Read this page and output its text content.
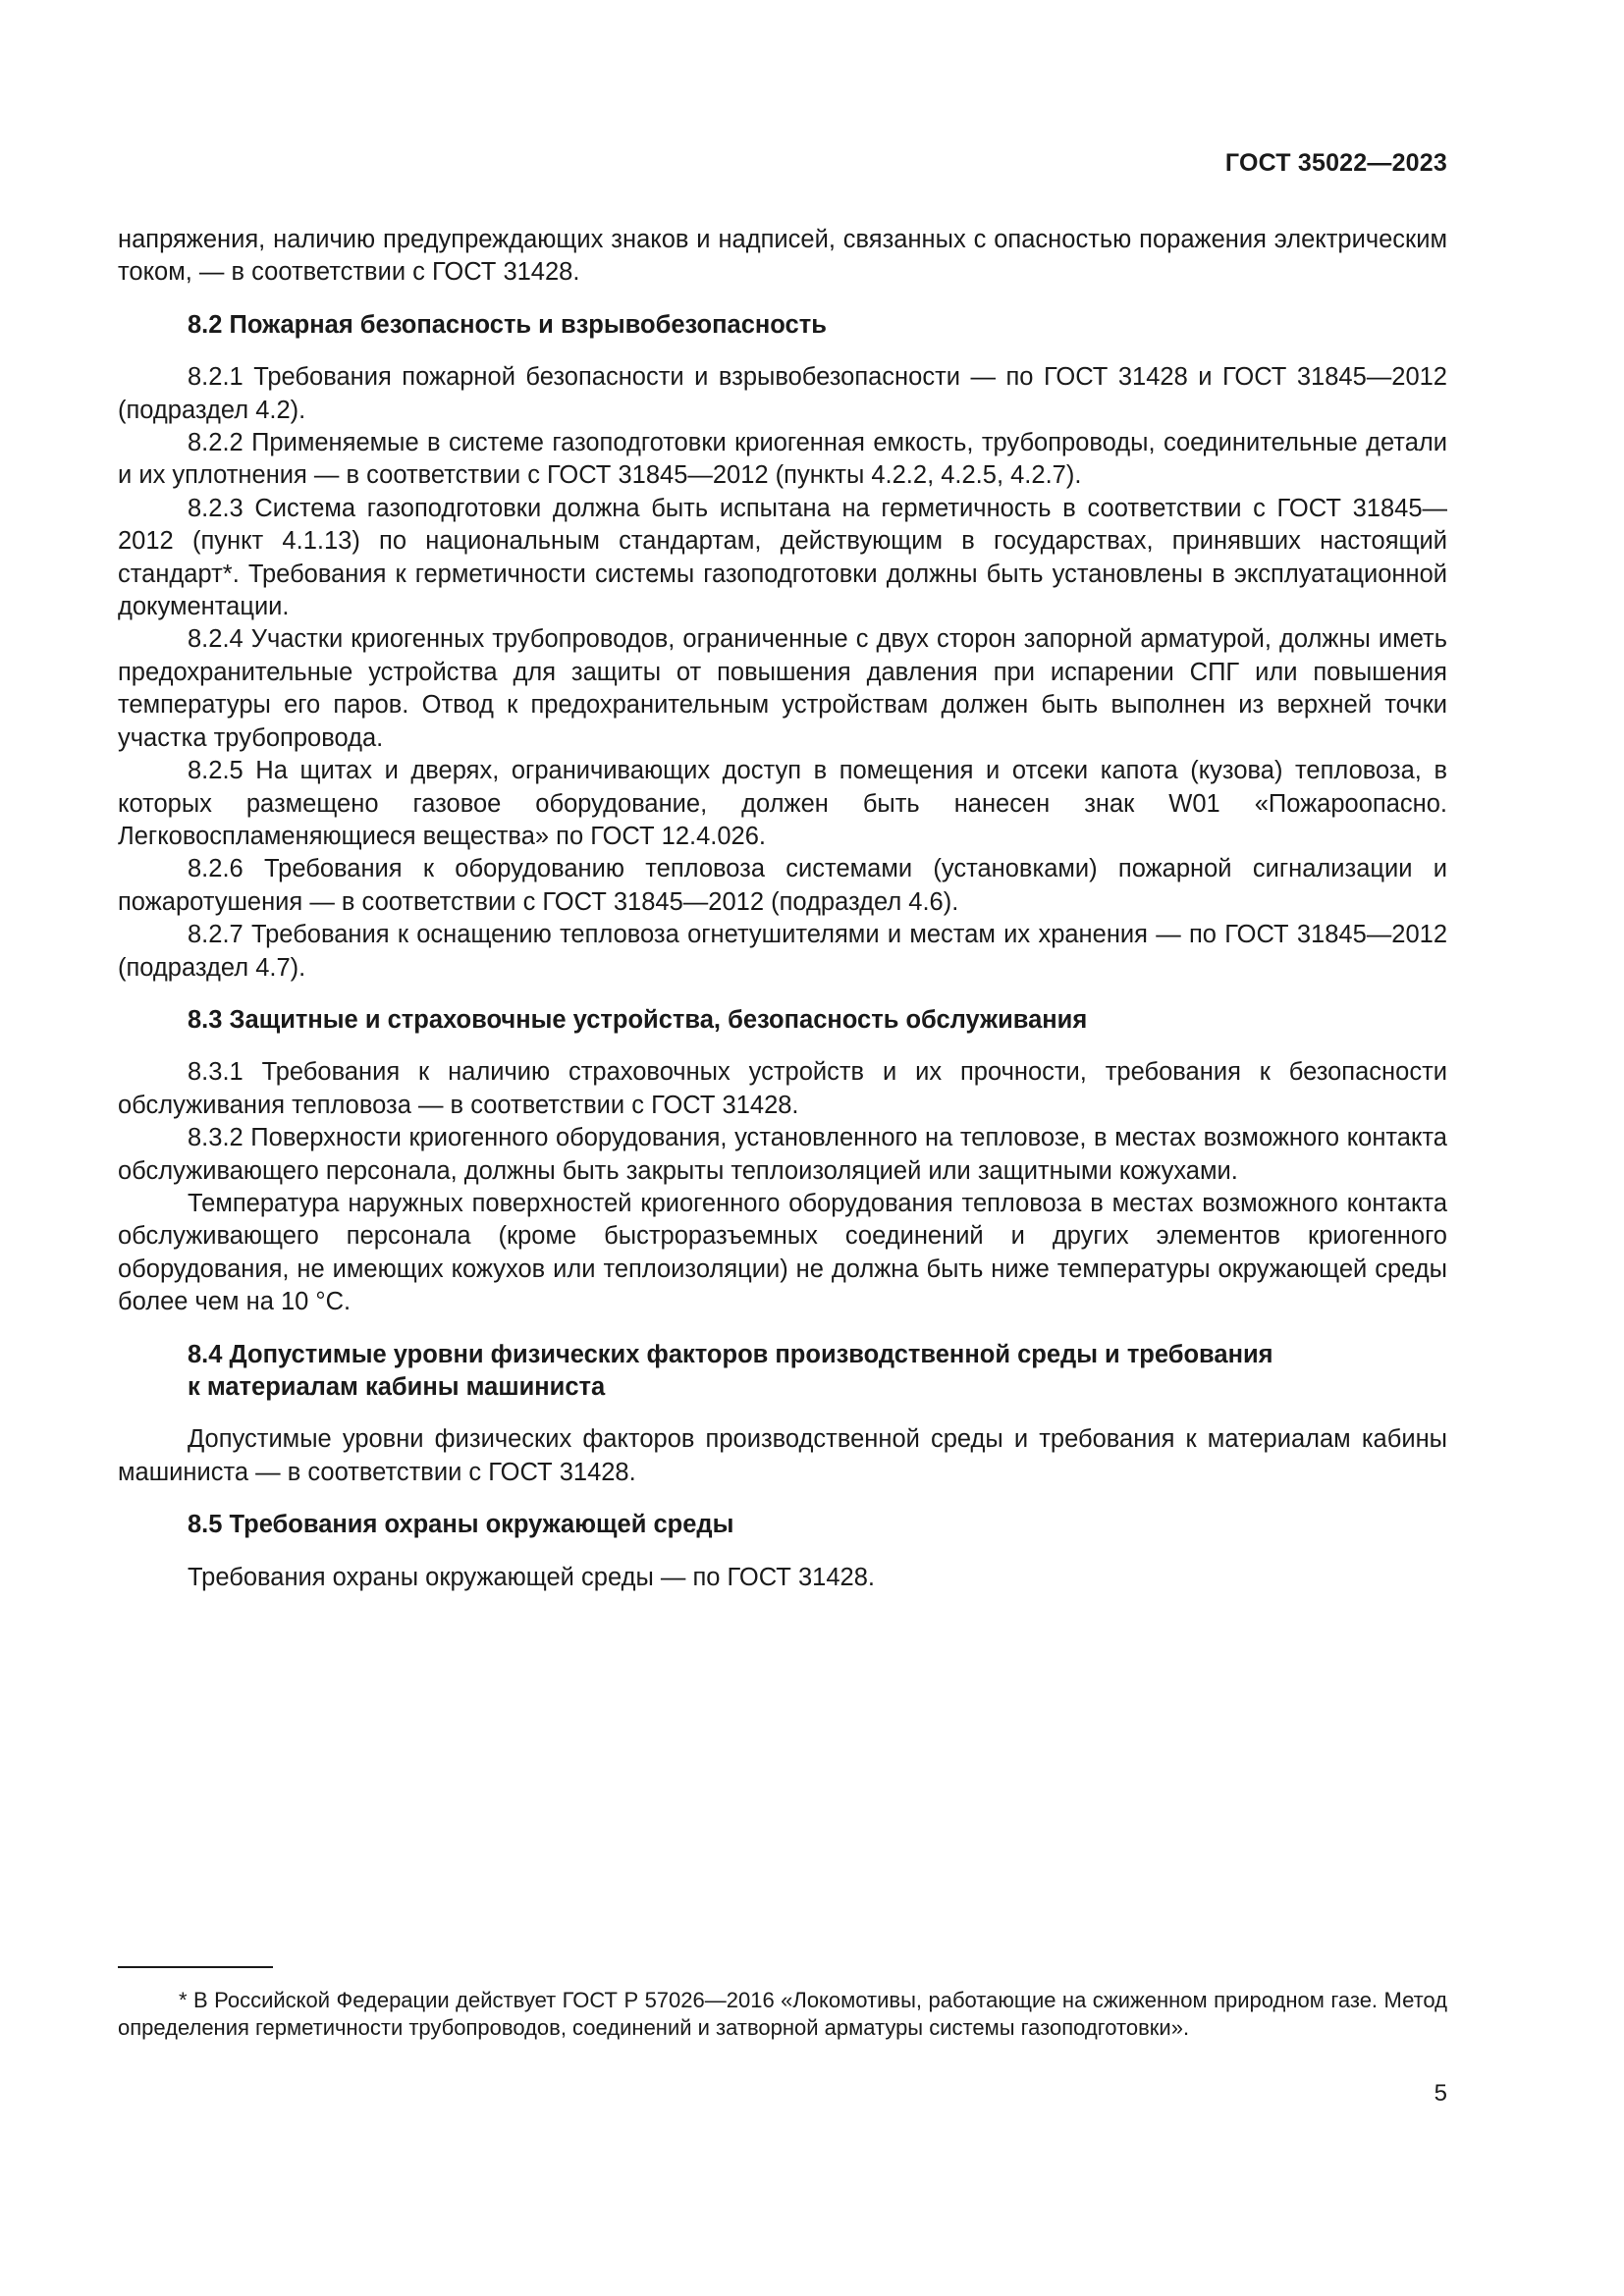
ГОСТ 35022—2023

напряжения, наличию предупреждающих знаков и надписей, связанных с опасностью поражения электрическим током, — в соответствии с ГОСТ 31428.

8.2 Пожарная безопасность и взрывобезопасность

8.2.1 Требования пожарной безопасности и взрывобезопасности — по ГОСТ 31428 и ГОСТ 31845—2012 (подраздел 4.2).

8.2.2 Применяемые в системе газоподготовки криогенная емкость, трубопроводы, соединительные детали и их уплотнения — в соответствии с ГОСТ 31845—2012 (пункты 4.2.2, 4.2.5, 4.2.7).

8.2.3 Система газоподготовки должна быть испытана на герметичность в соответствии с ГОСТ 31845—2012 (пункт 4.1.13) по национальным стандартам, действующим в государствах, принявших настоящий стандарт*. Требования к герметичности системы газоподготовки должны быть установлены в эксплуатационной документации.

8.2.4 Участки криогенных трубопроводов, ограниченные с двух сторон запорной арматурой, должны иметь предохранительные устройства для защиты от повышения давления при испарении СПГ или повышения температуры его паров. Отвод к предохранительным устройствам должен быть выполнен из верхней точки участка трубопровода.

8.2.5 На щитах и дверях, ограничивающих доступ в помещения и отсеки капота (кузова) тепловоза, в которых размещено газовое оборудование, должен быть нанесен знак W01 «Пожароопасно. Легковоспламеняющиеся вещества» по ГОСТ 12.4.026.

8.2.6 Требования к оборудованию тепловоза системами (установками) пожарной сигнализации и пожаротушения — в соответствии с ГОСТ 31845—2012 (подраздел 4.6).

8.2.7 Требования к оснащению тепловоза огнетушителями и местам их хранения — по ГОСТ 31845—2012 (подраздел 4.7).

8.3 Защитные и страховочные устройства, безопасность обслуживания

8.3.1 Требования к наличию страховочных устройств и их прочности, требования к безопасности обслуживания тепловоза — в соответствии с ГОСТ 31428.

8.3.2 Поверхности криогенного оборудования, установленного на тепловозе, в местах возможного контакта обслуживающего персонала, должны быть закрыты теплоизоляцией или защитными кожухами.

Температура наружных поверхностей криогенного оборудования тепловоза в местах возможного контакта обслуживающего персонала (кроме быстроразъемных соединений и других элементов криогенного оборудования, не имеющих кожухов или теплоизоляции) не должна быть ниже температуры окружающей среды более чем на 10 °C.

8.4 Допустимые уровни физических факторов производственной среды и требования
к материалам кабины машиниста

Допустимые уровни физических факторов производственной среды и требования к материалам кабины машиниста — в соответствии с ГОСТ 31428.

8.5 Требования охраны окружающей среды

Требования охраны окружающей среды — по ГОСТ 31428.

* В Российской Федерации действует ГОСТ Р 57026—2016 «Локомотивы, работающие на сжиженном природном газе. Метод определения герметичности трубопроводов, соединений и затворной арматуры системы газоподготовки».

5
